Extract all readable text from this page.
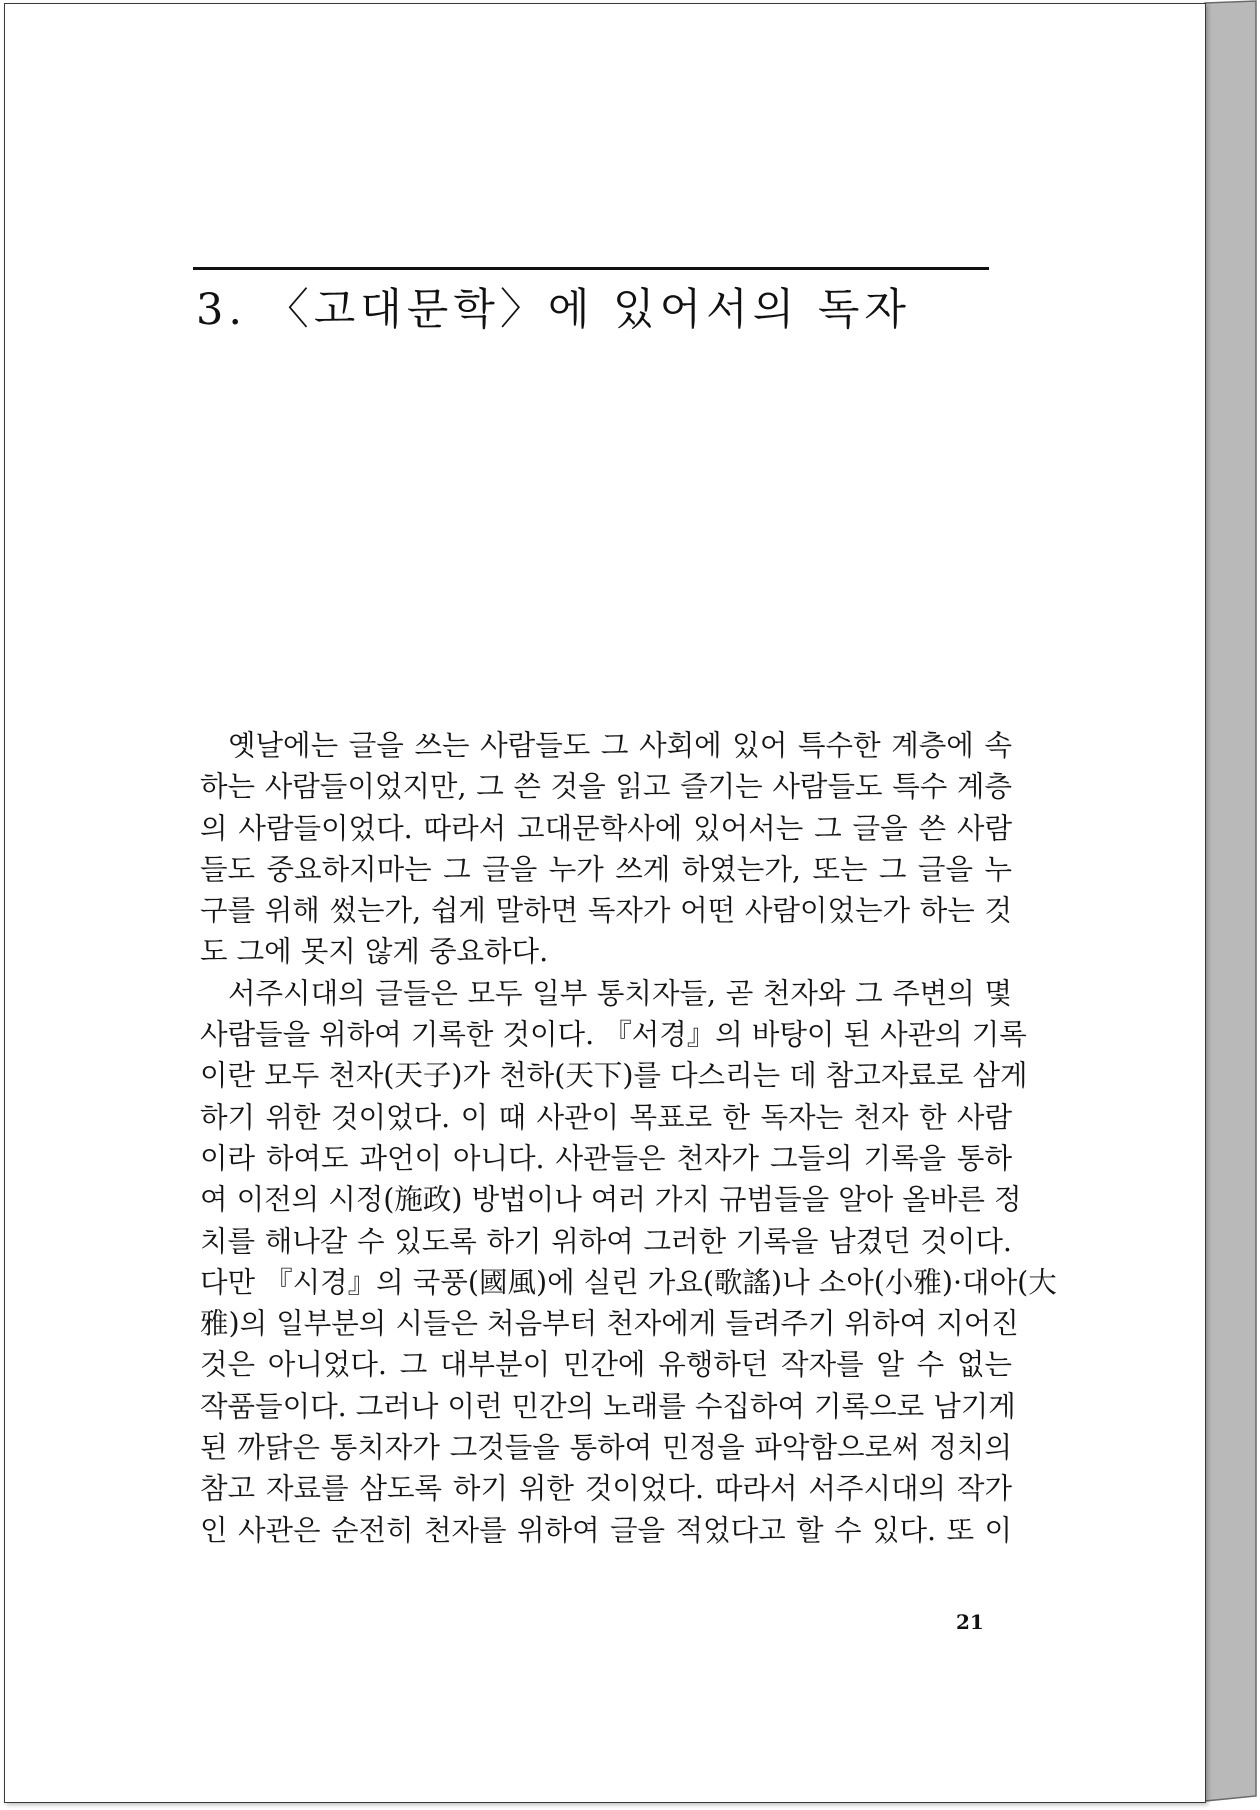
3. 〈고대문학〉에 있어서의 독자
옛날에는 글을 쓰는 사람들도 그 사회에 있어 특수한 계층에 속
하는 사람들이었지만, 그 쓴 것을 읽고 즐기는 사람들도 특수 계층
의 사람들이었다. 따라서 고대문학사에 있어서는 그 글을 쓴 사람
들도 중요하지마는 그 글을 누가 쓰게 하였는가, 또는 그 글을 누
구를 위해 썼는가, 쉽게 말하면 독자가 어떤 사람이었는가 하는 것
도 그에 못지 않게 중요하다.
서주시대의 글들은 모두 일부 통치자들, 곧 천자와 그 주변의 몇
사람들을 위하여 기록한 것이다. 『서경』의 바탕이 된 사관의 기록
이란 모두 천자(天子)가 천하(天下)를 다스리는 데 참고자료로 삼게
하기 위한 것이었다. 이 때 사관이 목표로 한 독자는 천자 한 사람
이라 하여도 과언이 아니다. 사관들은 천자가 그들의 기록을 통하
여 이전의 시정(施政) 방법이나 여러 가지 규범들을 알아 올바른 정
치를 해나갈 수 있도록 하기 위하여 그러한 기록을 남겼던 것이다.
다만 『시경』의 국풍(國風)에 실린 가요(歌謠)나 소아(小雅)·대아(大
雅)의 일부분의 시들은 처음부터 천자에게 들려주기 위하여 지어진
것은 아니었다. 그 대부분이 민간에 유행하던 작자를 알 수 없는
작품들이다. 그러나 이런 민간의 노래를 수집하여 기록으로 남기게
된 까닭은 통치자가 그것들을 통하여 민정을 파악함으로써 정치의
참고 자료를 삼도록 하기 위한 것이었다. 따라서 서주시대의 작가
인 사관은 순전히 천자를 위하여 글을 적었다고 할 수 있다. 또 이
21
